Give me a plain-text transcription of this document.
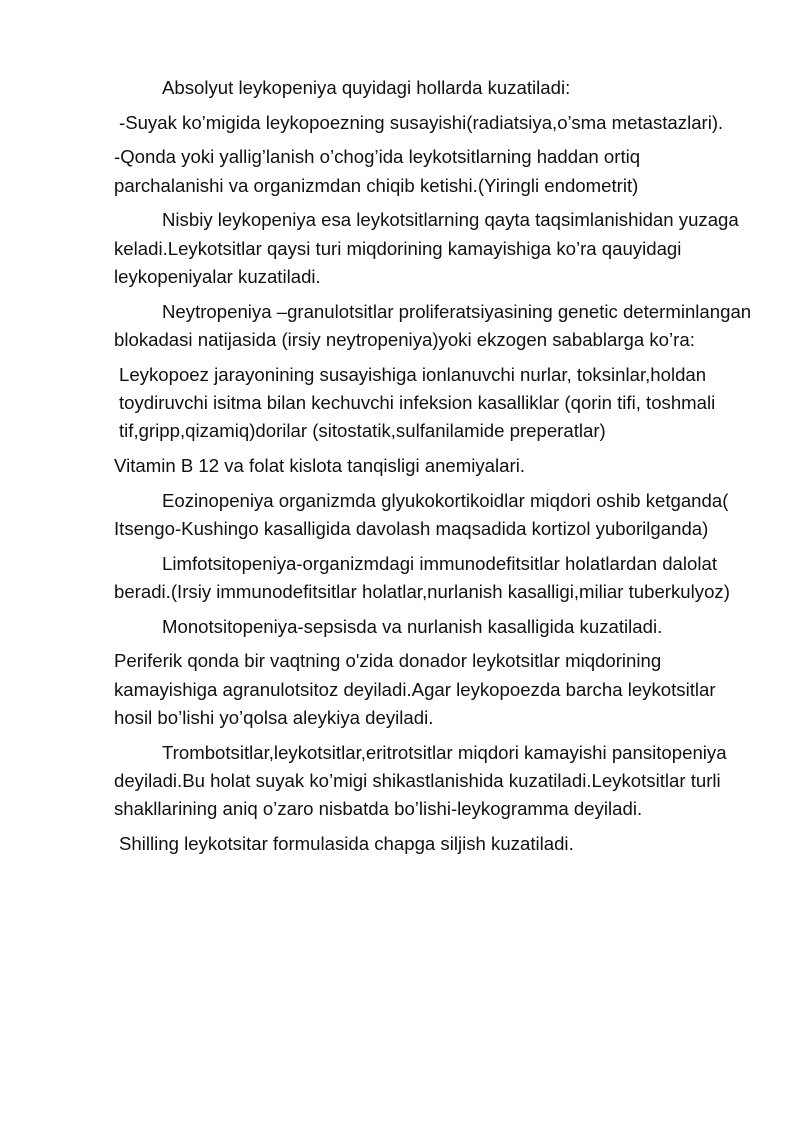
Absolyut leykopeniya quyidagi hollarda kuzatiladi:

-Suyak ko’migida leykopoezning susayishi(radiatsiya,o’sma metastazlari).

-Qonda yoki yallig’lanish o’chog’ida leykotsitlarning haddan ortiq parchalanishi va organizmdan chiqib ketishi.(Yiringli endometrit)

Nisbiy leykopeniya esa leykotsitlarning qayta taqsimlanishidan yuzaga keladi.Leykotsitlar qaysi turi miqdorining kamayishiga ko’ra qauyidagi leykopeniyalar kuzatiladi.

Neytropeniya –granulotsitlar proliferatsiyasining genetic determinlangan blokadasi natijasida (irsiy neytropeniya)yoki ekzogen sabablarga ko’ra:

Leykopoez jarayonining susayishiga ionlanuvchi nurlar, toksinlar,holdan toydiruvchi isitma bilan kechuvchi infeksion kasalliklar (qorin tifi, toshmali tif,gripp,qizamiq)dorilar (sitostatik,sulfanilamide preperatlar)

Vitamin B 12 va folat kislota tanqisligi anemiyalari.

Eozinopeniya organizmda glyukokortikoidlar miqdori oshib ketganda( Itsengo-Kushingo kasalligida davolash maqsadida kortizol yuborilganda)

Limfotsitopeniya-organizmdagi immunodefitsitlar holatlardan dalolat beradi.(Irsiy immunodefitsitlar holatlar,nurlanish kasalligi,miliar tuberkulyoz)

Monotsitopeniya-sepsisda va nurlanish kasalligida kuzatiladi.

Periferik qonda bir vaqtning o'zida donador leykotsitlar miqdorining kamayishiga agranulotsitoz deyiladi.Agar leykopoezda barcha leykotsitlar hosil bo’lishi yo’qolsa aleykiya deyiladi.

Trombotsitlar,leykotsitlar,eritrotsitlar miqdori kamayishi pansitopeniya deyiladi.Bu holat suyak ko’migi shikastlanishida kuzatiladi.Leykotsitlar turli shakllarining aniq o’zaro nisbatda bo’lishi-leykogramma deyiladi.

Shilling leykotsitar formulasida chapga siljish kuzatiladi.
